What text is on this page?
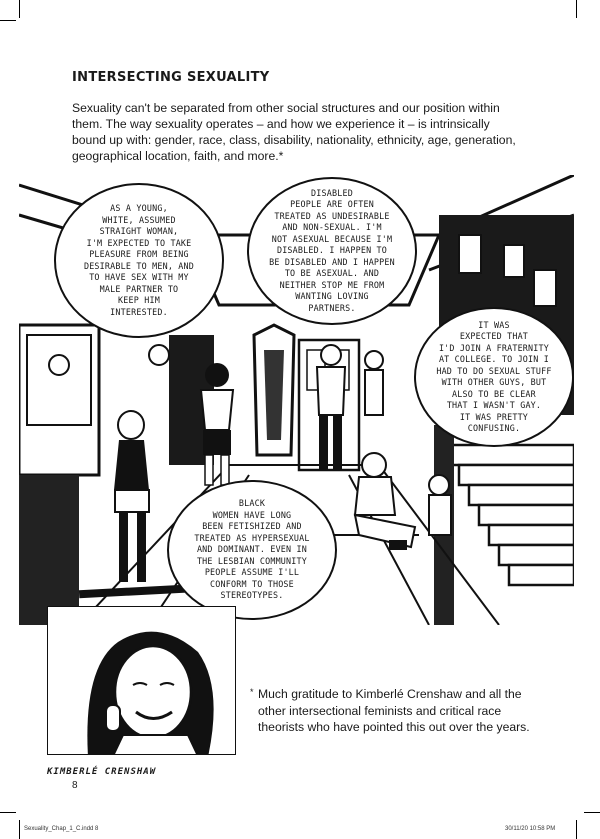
INTERSECTING SEXUALITY

Sexuality can't be separated from other social structures and our position within them. The way sexuality operates – and how we experience it – is intrinsically bound up with: gender, race, class, disability, nationality, ethnicity, age, generation, geographical location, faith, and more.*

AS A YOUNG,
WHITE, ASSUMED
STRAIGHT WOMAN,
I'M EXPECTED TO TAKE
PLEASURE FROM BEING
DESIRABLE TO MEN, AND
TO HAVE SEX WITH MY
MALE PARTNER TO
KEEP HIM
INTERESTED.
DISABLED
PEOPLE ARE OFTEN
TREATED AS UNDESIRABLE
AND NON-SEXUAL. I'M
NOT ASEXUAL BECAUSE I'M
DISABLED. I HAPPEN TO
BE DISABLED AND I HAPPEN
TO BE ASEXUAL. AND
NEITHER STOP ME FROM
WANTING LOVING
PARTNERS.
IT WAS
EXPECTED THAT
I'D JOIN A FRATERNITY
AT COLLEGE. TO JOIN I
HAD TO DO SEXUAL STUFF
WITH OTHER GUYS, BUT
ALSO TO BE CLEAR
THAT I WASN'T GAY.
IT WAS PRETTY
CONFUSING.
BLACK
WOMEN HAVE LONG
BEEN FETISHIZED AND
TREATED AS HYPERSEXUAL
AND DOMINANT. EVEN IN
THE LESBIAN COMMUNITY
PEOPLE ASSUME I'LL
CONFORM TO THOSE
STEREOTYPES.
KIMBERLÉ CRENSHAW
* Much gratitude to Kimberlé Crenshaw and all the other intersectional feminists and critical race theorists who have pointed this out over the years.
8
Sexuality_Chap_1_C.indd 8	30/11/20 10:58 PM
